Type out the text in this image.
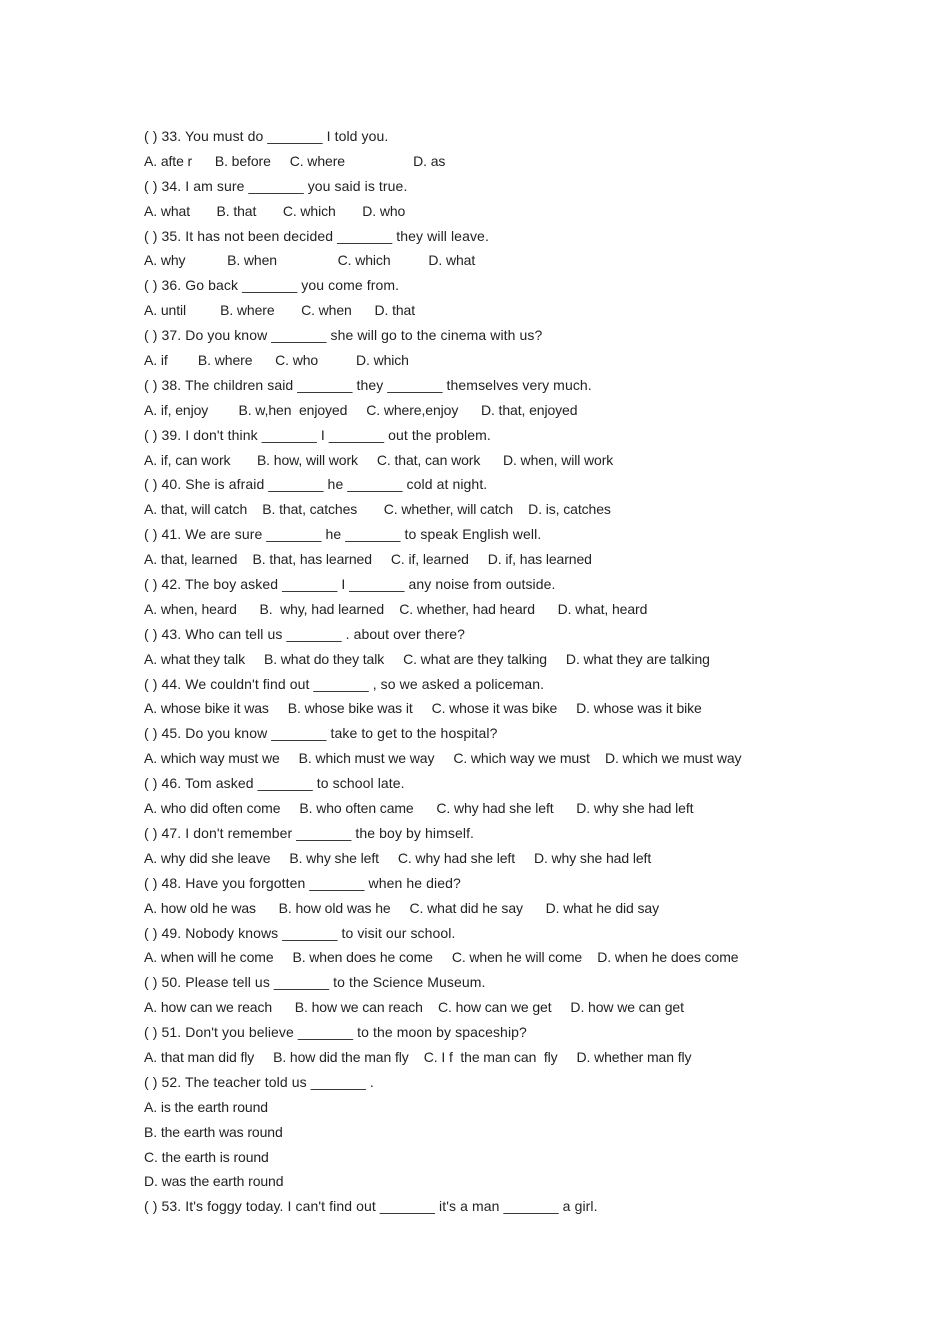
( ) 33. You must do _______ I told you.
A. afte r      B. before     C. where                  D. as
( ) 34. I am sure _______ you said is true.
A. what       B. that       C. which       D. who
( ) 35. It has not been decided _______ they will leave.
A. why           B. when                C. which          D. what
( ) 36. Go back _______ you come from.
A. until         B. where       C. when      D. that
( ) 37. Do you know _______ she will go to the cinema with us?
A. if        B. where      C. who          D. which
( ) 38. The children said _______ they _______ themselves very much.
A. if, enjoy        B. w,hen  enjoyed     C. where,enjoy      D. that, enjoyed
( ) 39. I don't think _______ I _______ out the problem.
A. if, can work       B. how, will work     C. that, can work      D. when, will work
( ) 40. She is afraid _______ he _______ cold at night.
A. that, will catch    B. that, catches       C. whether, will catch    D. is, catches
( ) 41. We are sure _______ he _______ to speak English well.
A. that, learned    B. that, has learned     C. if, learned     D. if, has learned
( ) 42. The boy asked _______ I _______ any noise from outside.
A. when, heard      B.  why, had learned    C. whether, had heard      D. what, heard
( ) 43. Who can tell us _______ . about over there?
A. what they talk     B. what do they talk     C. what are they talking     D. what they are talking
( ) 44. We couldn't find out _______ , so we asked a policeman.
A. whose bike it was     B. whose bike was it     C. whose it was bike     D. whose was it bike
( ) 45. Do you know _______ take to get to the hospital?
A. which way must we     B. which must we way     C. which way we must    D. which we must way
( ) 46. Tom asked _______ to school late.
A. who did often come     B. who often came      C. why had she left      D. why she had left
( ) 47. I don't remember _______ the boy by himself.
A. why did she leave     B. why she left     C. why had she left     D. why she had left
( ) 48. Have you forgotten _______ when he died?
A. how old he was      B. how old was he     C. what did he say      D. what he did say
( ) 49. Nobody knows _______ to visit our school.
A. when will he come     B. when does he come     C. when he will come    D. when he does come
( ) 50. Please tell us _______ to the Science Museum.
A. how can we reach      B. how we can reach    C. how can we get     D. how we can get
( ) 51. Don't you believe _______ to the moon by spaceship?
A. that man did fly     B. how did the man fly    C. I f  the man can  fly     D. whether man fly
( ) 52. The teacher told us _______ .
A. is the earth round
B. the earth was round
C. the earth is round
D. was the earth round
( ) 53. It's foggy today. I can't find out _______ it's a man _______ a girl.
